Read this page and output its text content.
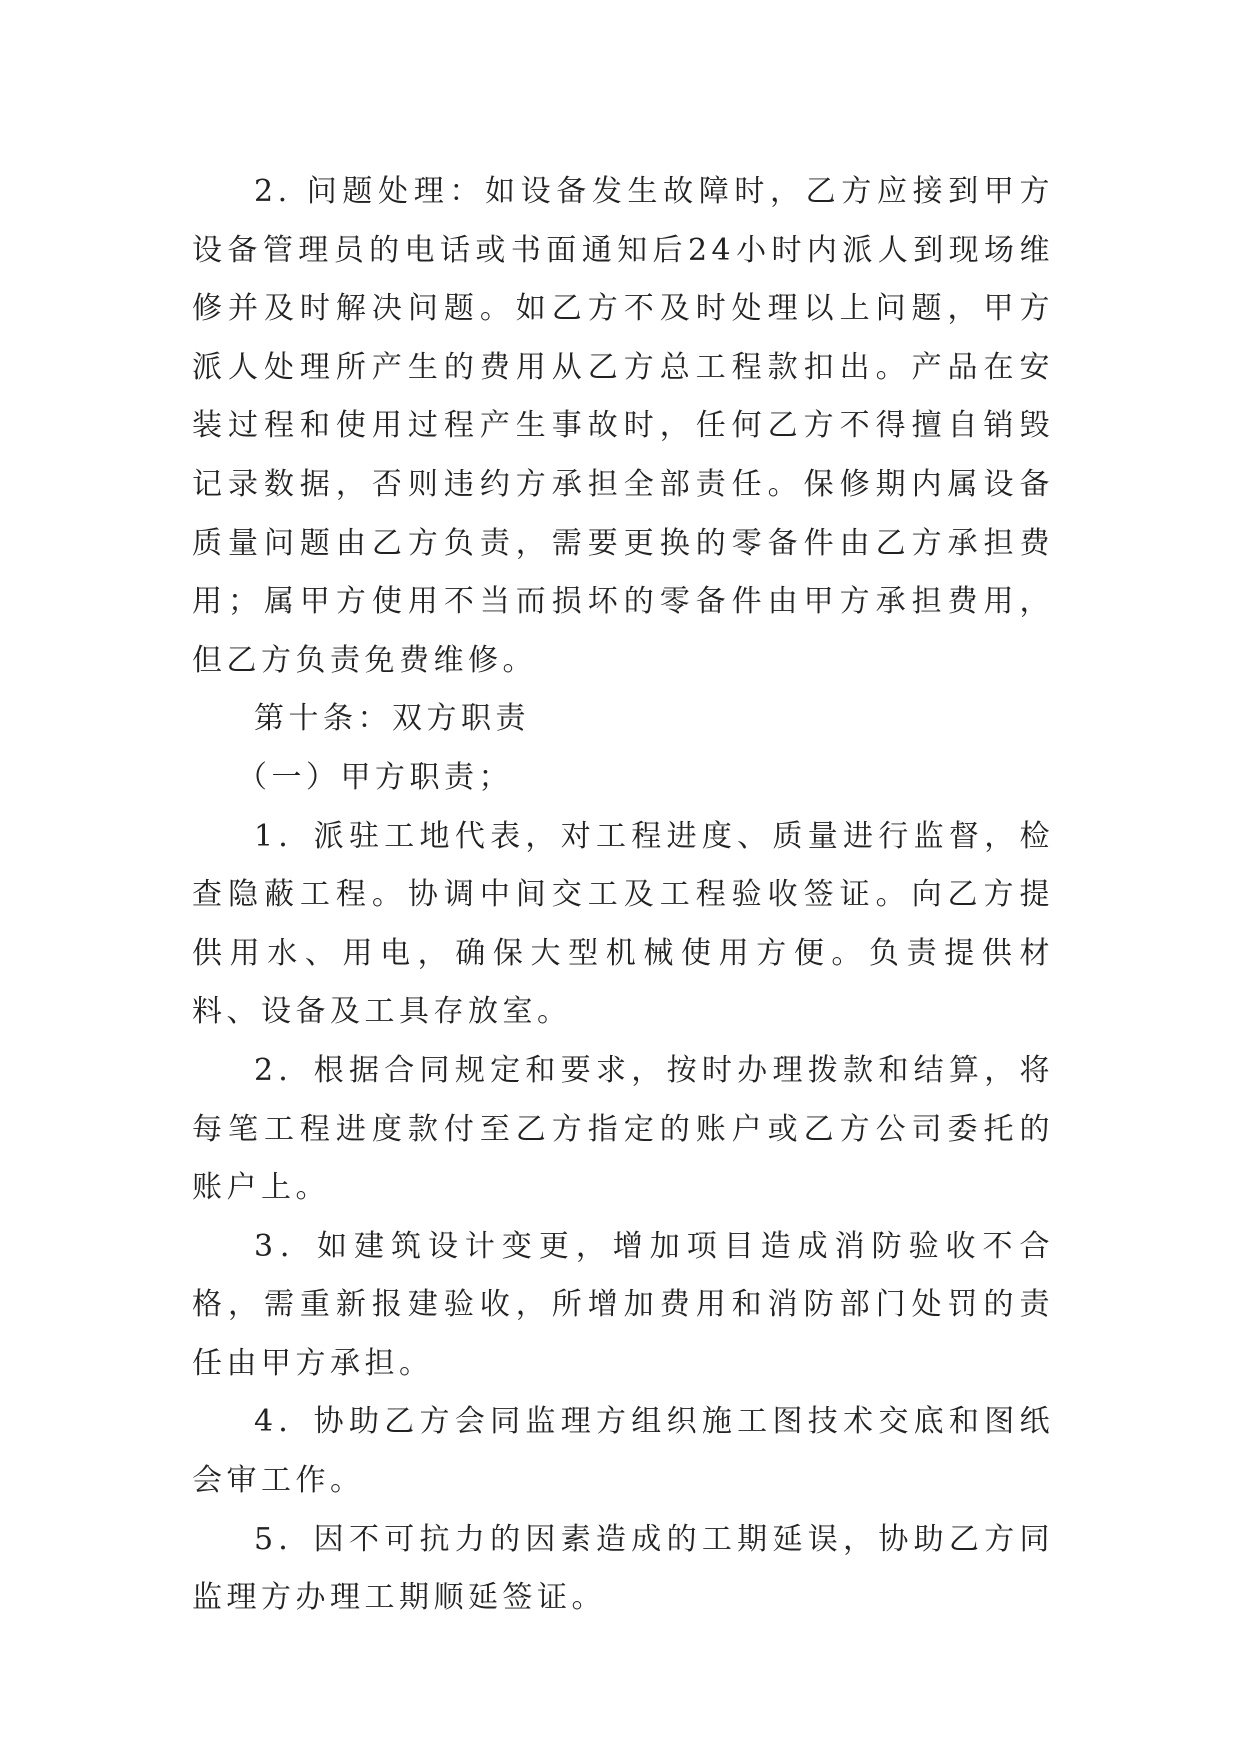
2. 问题处理：如设备发生故障时，乙方应接到甲方设备管理员的电话或书面通知后24小时内派人到现场维修并及时解决问题。如乙方不及时处理以上问题，甲方派人处理所产生的费用从乙方总工程款扣出。产品在安装过程和使用过程产生事故时，任何乙方不得擅自销毁记录数据，否则违约方承担全部责任。保修期内属设备质量问题由乙方负责，需要更换的零备件由乙方承担费用；属甲方使用不当而损坏的零备件由甲方承担费用，但乙方负责免费维修。

第十条：双方职责

（一）甲方职责；

1．派驻工地代表，对工程进度、质量进行监督，检查隐蔽工程。协调中间交工及工程验收签证。向乙方提供用水、用电，确保大型机械使用方便。负责提供材料、设备及工具存放室。

2．根据合同规定和要求，按时办理拨款和结算，将每笔工程进度款付至乙方指定的账户或乙方公司委托的账户上。

3．如建筑设计变更，增加项目造成消防验收不合格，需重新报建验收，所增加费用和消防部门处罚的责任由甲方承担。

4．协助乙方会同监理方组织施工图技术交底和图纸会审工作。

5．因不可抗力的因素造成的工期延误，协助乙方同监理方办理工期顺延签证。
